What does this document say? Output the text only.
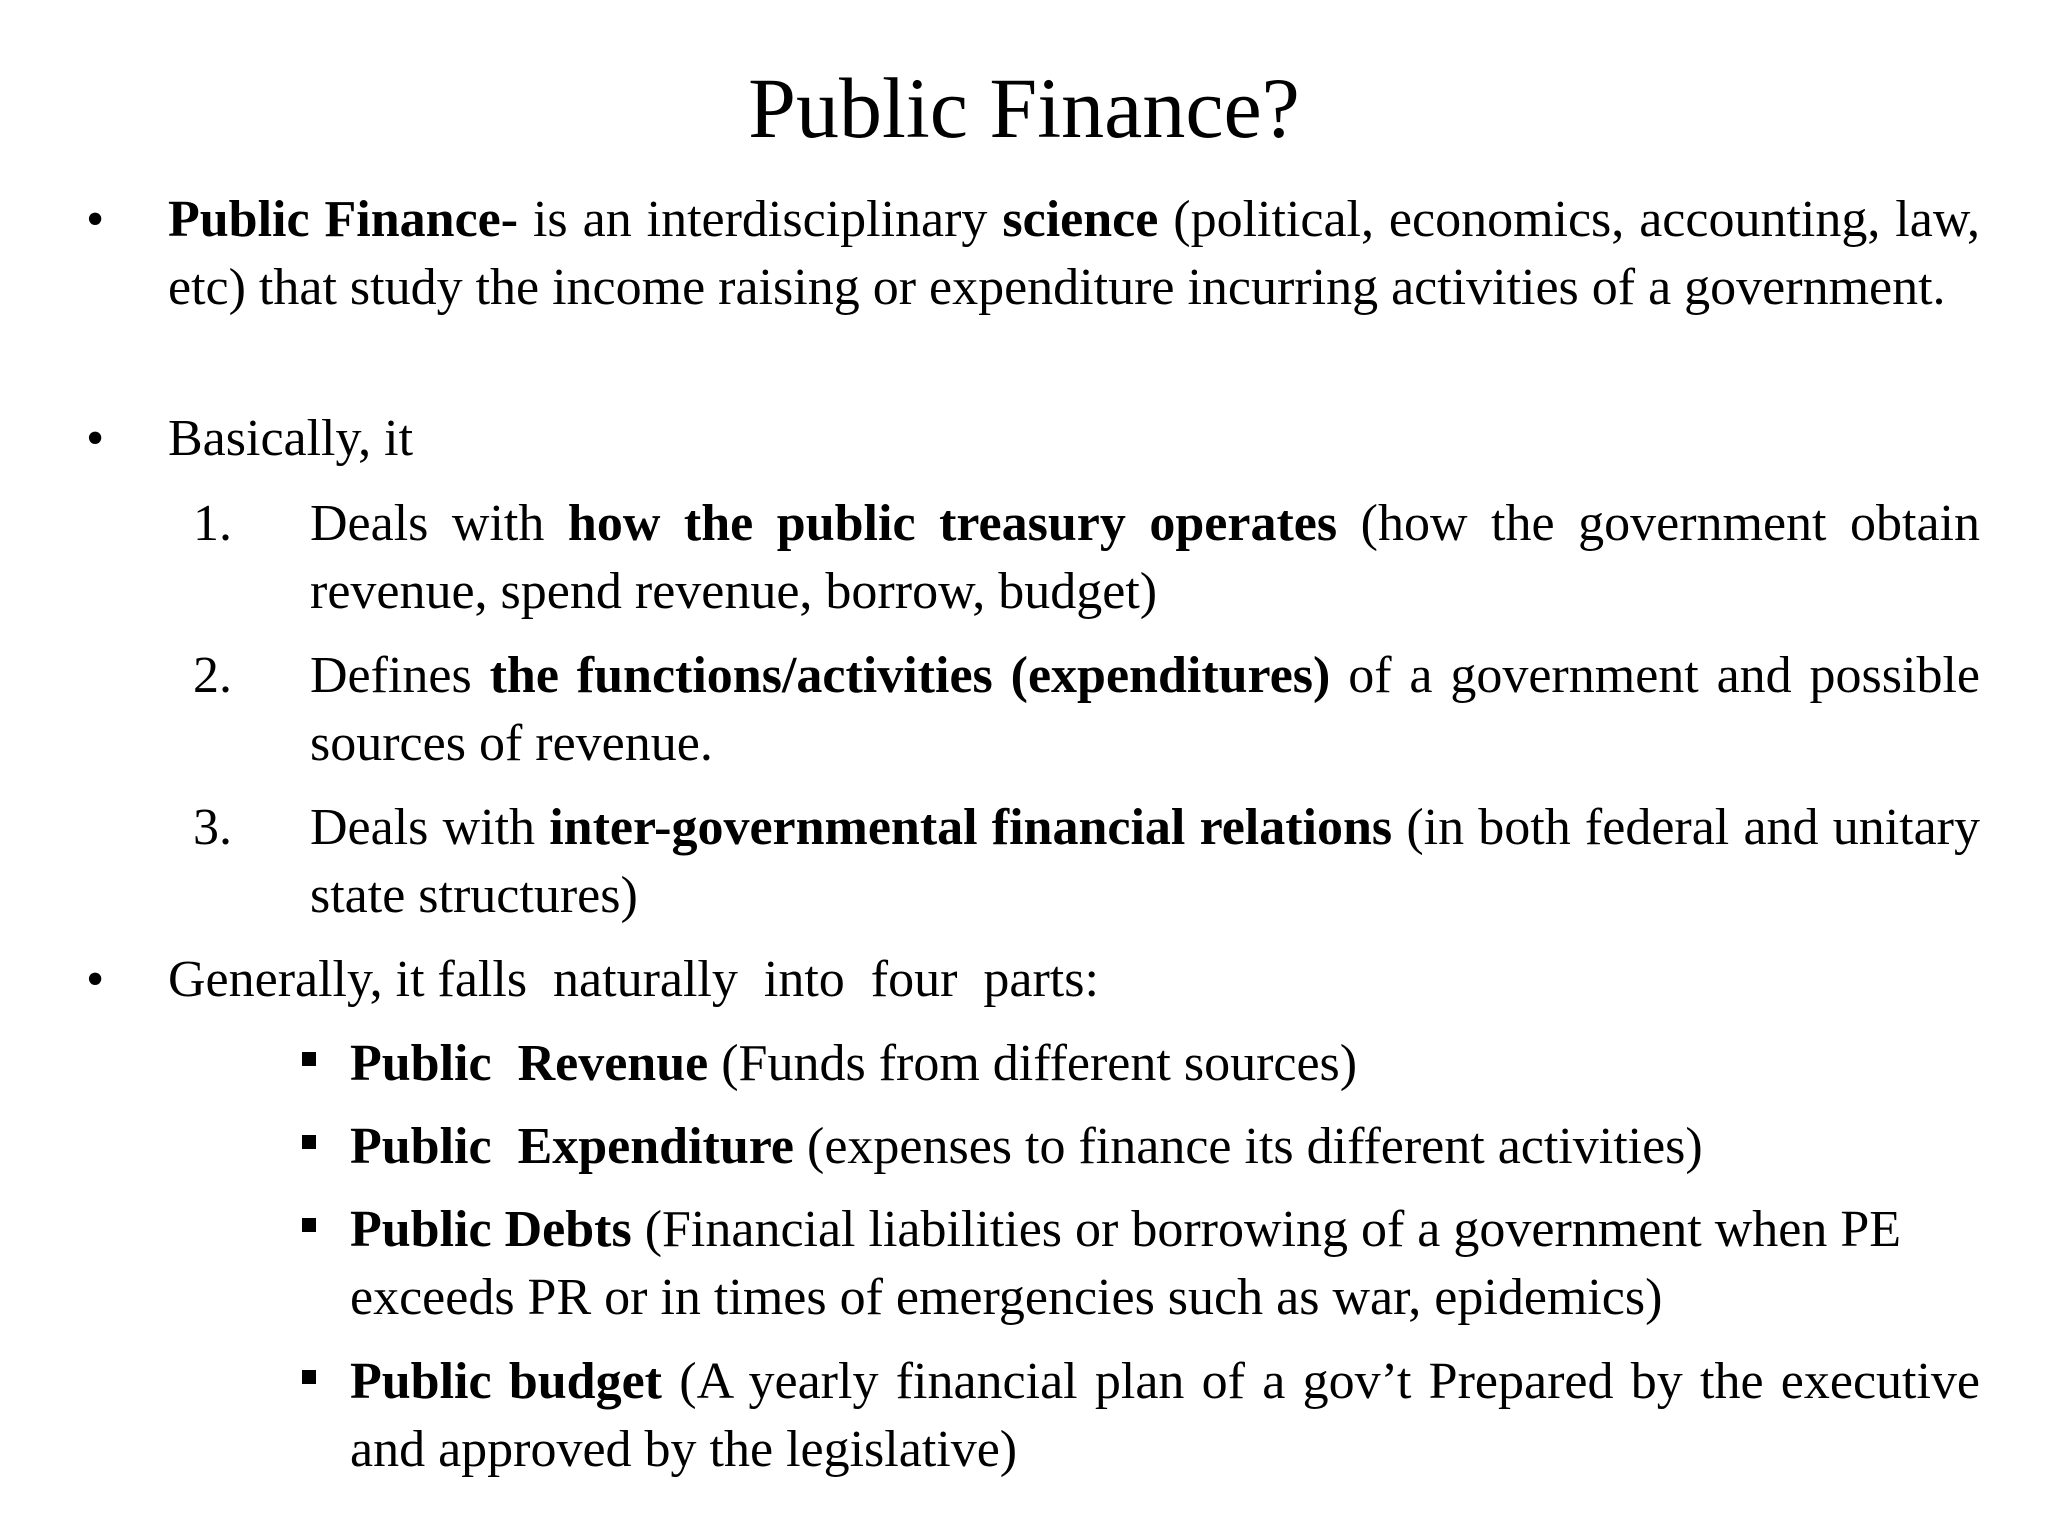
Public Finance?
• Public Finance- is an interdisciplinary science (political, economics, accounting, law, etc) that study the income raising or expenditure incurring activities of a government.
• Basically, it
1. Deals with how the public treasury operates (how the government obtain revenue, spend revenue, borrow, budget)
2. Defines the functions/activities (expenditures) of a government and possible sources of revenue.
3. Deals with inter-governmental financial relations (in both federal and unitary state structures)
• Generally, it falls  naturally  into  four  parts:
Public  Revenue (Funds from different sources)
Public  Expenditure (expenses to finance its different activities)
Public Debts (Financial liabilities or borrowing of a government when PE exceeds PR or in times of emergencies such as war, epidemics)
Public budget (A yearly financial plan of a gov’t Prepared by the executive and approved by the legislative)
